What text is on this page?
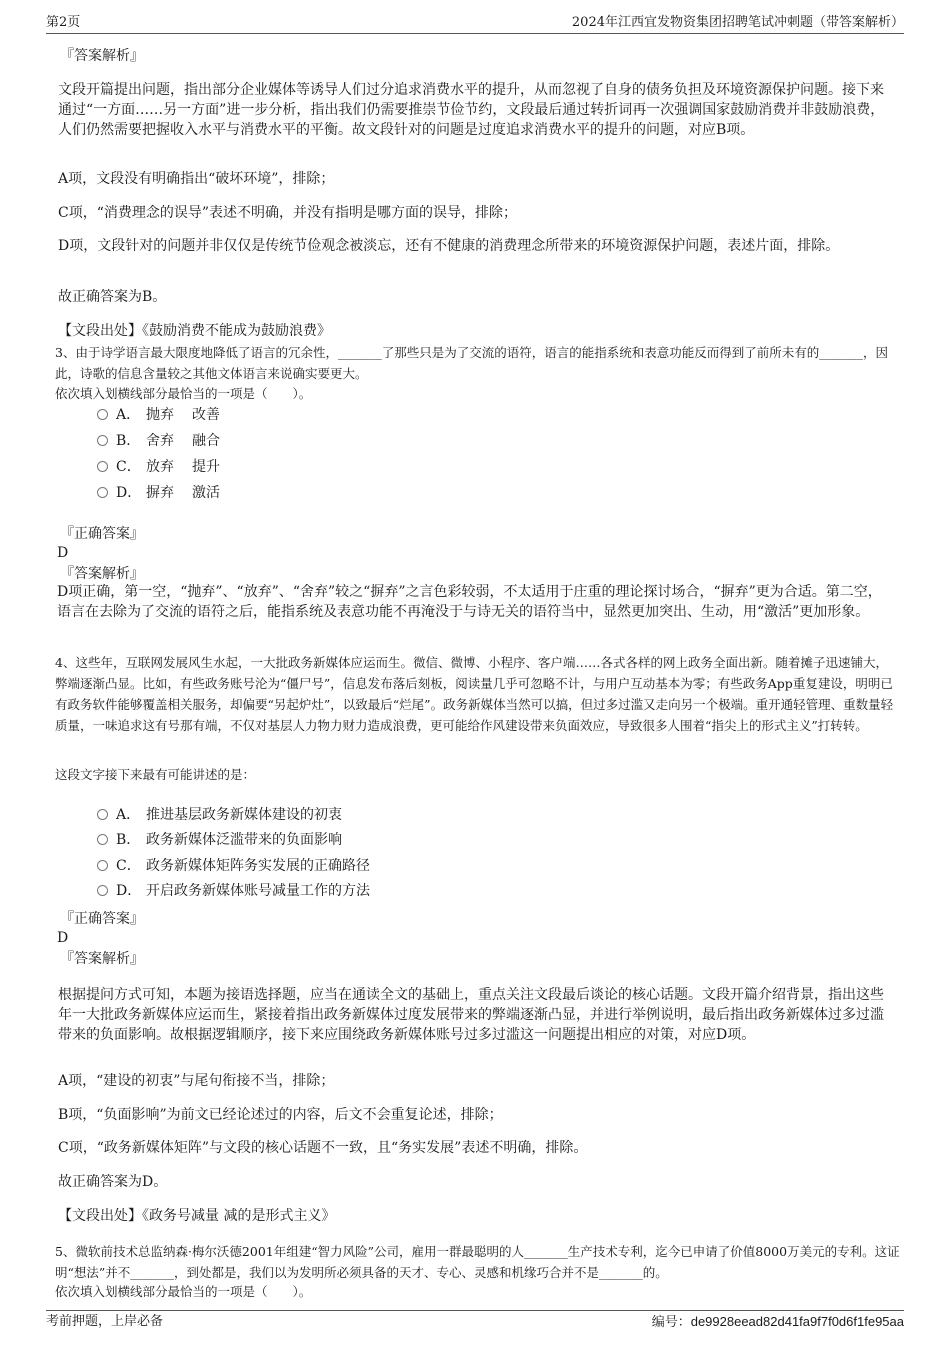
第2页	2024年江西宜发物资集团招聘笔试冲刺题（带答案解析）
『答案解析』

文段开篇提出问题，指出部分企业媒体等诱导人们过分追求消费水平的提升，从而忽视了自身的债务负担及环境资源保护问题。接下来通过“一方面……另一方面”进一步分析，指出我们仍需要推崇节俭节约，文段最后通过转折词再一次强调国家鼓励消费并非鼓励浪费，人们仍然需要把握收入水平与消费水平的平衡。故文段针对的问题是过度追求消费水平的提升的问题，对应B项。

A项，文段没有明确指出“破坏环境”，排除；

C项，“消费理念的误导”表述不明确，并没有指明是哪方面的误导，排除；

D项，文段针对的问题并非仅仅是传统节俭观念被淡忘，还有不健康的消费理念所带来的环境资源保护问题，表述片面，排除。

故正确答案为B。

【文段出处】《鼓励消费不能成为鼓励浪费》

3、由于诗学语言最大限度地降低了语言的冗余性，_______了那些只是为了交流的语符，语言的能指系统和表意功能反而得到了前所未有的_______，因此，诗歌的信息含量较之其他文体语言来说确实要更大。

依次填入划横线部分最恰当的一项是（　　）。

A． 抛弃 改善
B． 舍弃 融合
C． 放弃 提升
D． 摒弃 激活
『正确答案』
D
『答案解析』

D项正确，第一空，“抛弃”、“放弃”、“舍弃”较之“摒弃”之言色彩较弱，不太适用于庄重的理论探讨场合，“摒弃”更为合适。第二空，语言在去除为了交流的语符之后，能指系统及表意功能不再淹没于与诗无关的语符当中，显然更加突出、生动，用“激活”更加形象。

4、这些年，互联网发展风生水起，一大批政务新媒体应运而生。微信、微博、小程序、客户端……各式各样的网上政务全面出新。随着摊子迅速铺大，弊端逐渐凸显。比如，有些政务账号沦为“僵尸号”，信息发布落后刻板，阅读量几乎可忽略不计，与用户互动基本为零；有些政务App重复建设，明明已有政务软件能够覆盖相关服务，却偏要“另起炉灶”，以致最后“烂尾”。政务新媒体当然可以搞，但过多过滥又走向另一个极端。重开通轻管理、重数量轻质量，一味追求这有号那有端，不仅对基层人力物力财力造成浪费，更可能给作风建设带来负面效应，导致很多人围着“指尖上的形式主义”打转转。

这段文字接下来最有可能讲述的是：

A． 推进基层政务新媒体建设的初衷
B． 政务新媒体泛滥带来的负面影响
C． 政务新媒体矩阵务实发展的正确路径
D． 开启政务新媒体账号减量工作的方法
『正确答案』
D
『答案解析』

根据提问方式可知，本题为接语选择题，应当在通读全文的基础上，重点关注文段最后谈论的核心话题。文段开篇介绍背景，指出这些年一大批政务新媒体应运而生，紧接着指出政务新媒体过度发展带来的弊端逐渐凸显，并进行举例说明，最后指出政务新媒体过多过滥带来的负面影响。故根据逻辑顺序，接下来应围绕政务新媒体账号过多过滥这一问题提出相应的对策，对应D项。

A项，“建设的初衷”与尾句衔接不当，排除；

B项，“负面影响”为前文已经论述过的内容，后文不会重复论述，排除；

C项，“政务新媒体矩阵”与文段的核心话题不一致，且“务实发展”表述不明确，排除。

故正确答案为D。

【文段出处】《政务号减量 减的是形式主义》

5、微软前技术总监纳森·梅尔沃德2001年组建“智力风险”公司，雇用一群最聪明的人_______生产技术专利，迄今已申请了价值8000万美元的专利。这证明“想法”并不_______，到处都是，我们以为发明所必须具备的天才、专心、灵感和机缘巧合并不是_______的。

依次填入划横线部分最恰当的一项是（　　）。

考前押题，上岸必备	编号：de9928eead82d41fa9f7f0d6f1fe95aa
